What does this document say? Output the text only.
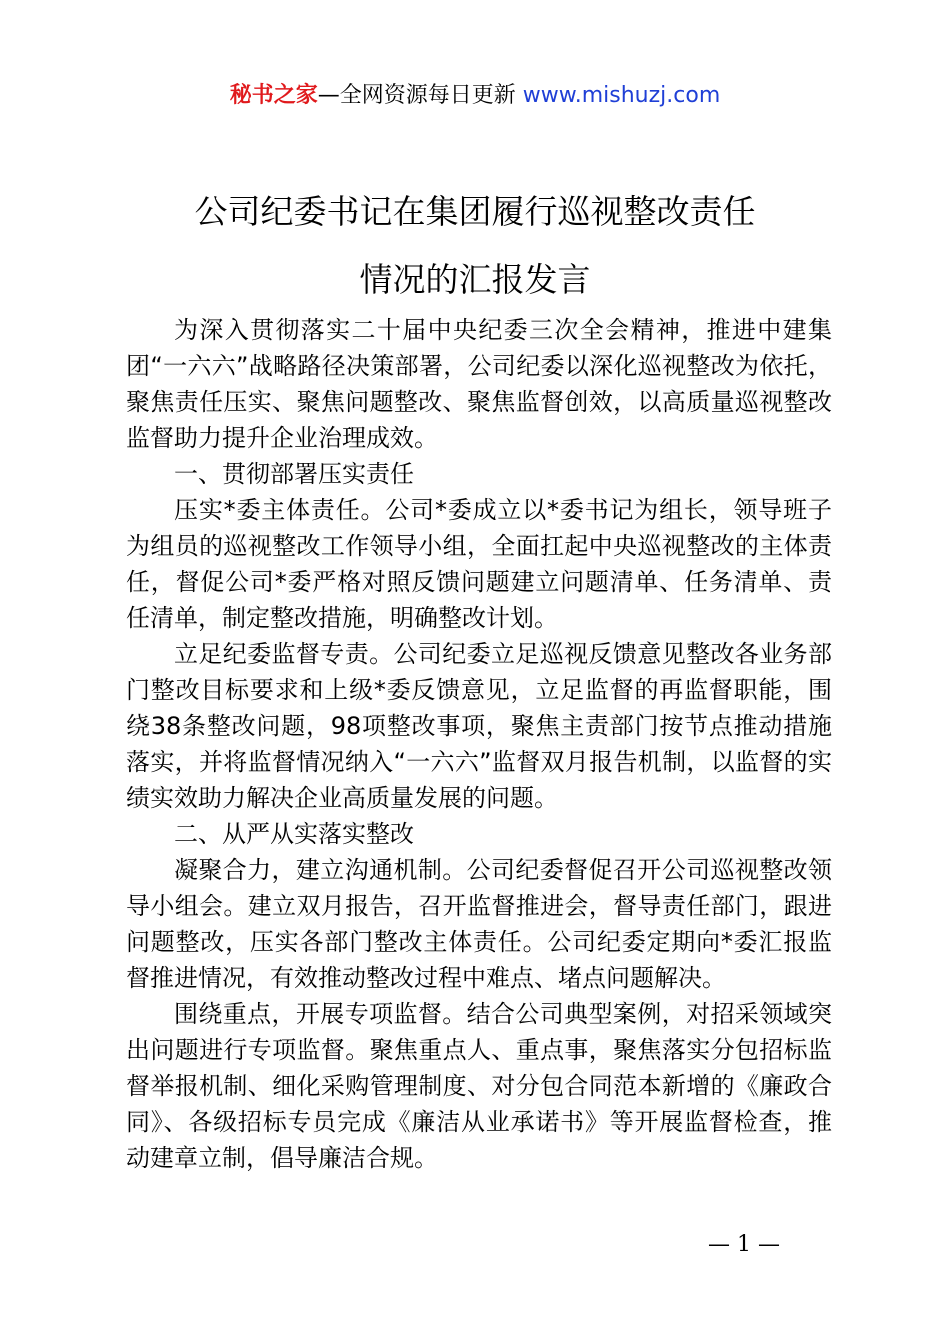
秘书之家—全网资源每日更新 www.mishuzj.com
公司纪委书记在集团履行巡视整改责任
情况的汇报发言

为深入贯彻落实二十届中央纪委三次全会精神，推进中建集团“一六六”战略路径决策部署，公司纪委以深化巡视整改为依托，聚焦责任压实、聚焦问题整改、聚焦监督创效，以高质量巡视整改监督助力提升企业治理成效。

一、贯彻部署压实责任

压实*委主体责任。公司*委成立以*委书记为组长，领导班子为组员的巡视整改工作领导小组，全面扛起中央巡视整改的主体责任，督促公司*委严格对照反馈问题建立问题清单、任务清单、责任清单，制定整改措施，明确整改计划。

立足纪委监督专责。公司纪委立足巡视反馈意见整改各业务部门整改目标要求和上级*委反馈意见，立足监督的再监督职能，围绕38条整改问题，98项整改事项，聚焦主责部门按节点推动措施落实，并将监督情况纳入“一六六”监督双月报告机制，以监督的实绩实效助力解决企业高质量发展的问题。

二、从严从实落实整改

凝聚合力，建立沟通机制。公司纪委督促召开公司巡视整改领导小组会。建立双月报告，召开监督推进会，督导责任部门，跟进问题整改，压实各部门整改主体责任。公司纪委定期向*委汇报监督推进情况，有效推动整改过程中难点、堵点问题解决。

围绕重点，开展专项监督。结合公司典型案例，对招采领域突出问题进行专项监督。聚焦重点人、重点事，聚焦落实分包招标监督举报机制、细化采购管理制度、对分包合同范本新增的《廉政合同》、各级招标专员完成《廉洁从业承诺书》等开展监督检查，推动建章立制，倡导廉洁合规。

— 1 —
